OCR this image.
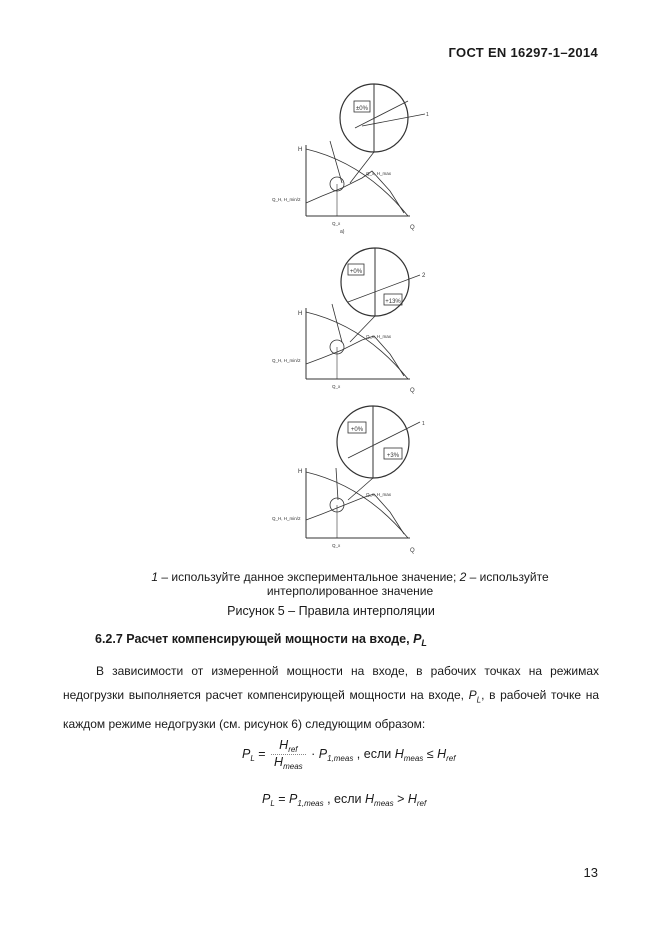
ГОСТ EN 16297-1–2014
±0%
1
H
Q
Q_H, H_min/2
Q_x
Q_x, H_max
a)
+0%
+13%
2
H
Q
Q_H, H_min/2
Q_x
Q_x, H_max
+0%
+3%
1
H
Q
Q_H, H_min/2
Q_x
Q_x, H_max
1 – используйте данное экспериментальное значение; 2 – используйте
интерполированное значение
Рисунок 5 – Правила интерполяции
6.2.7 Расчет компенсирующей мощности на входе, $P_L$
В зависимости от измеренной мощности на входе, в рабочих точках на режимах недогрузки выполняется расчет компенсирующей мощности на входе, $P_L$, в рабочей точке на каждом режиме недогрузки (см. рисунок 6) следующим образом:
$P_L = \frac{H_{ref}}{H_{meas}} \cdot P_{1,meas}$ , если $H_{meas} \le H_{ref}$
$P_L = P_{1,meas}$ , если $H_{meas} > H_{ref}$
13
